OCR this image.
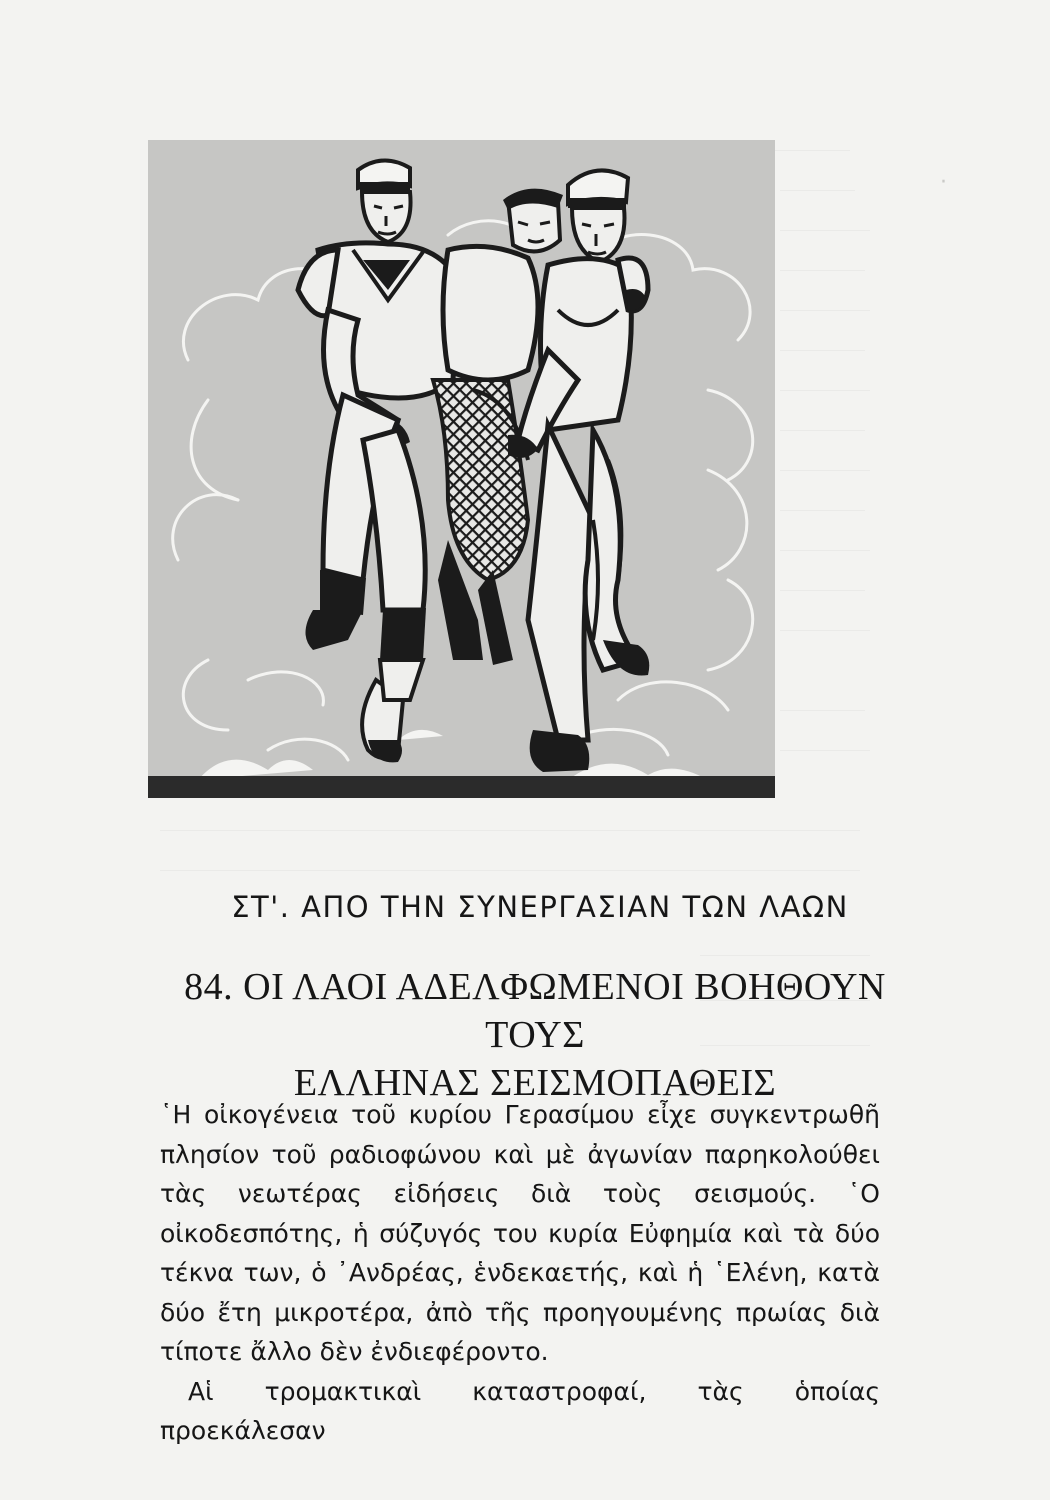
·
ΣΤ'. ΑΠΟ ΤΗΝ ΣΥΝΕΡΓΑΣΙΑΝ ΤΩΝ ΛΑΩΝ
84. ΟΙ ΛΑΟΙ ΑΔΕΛΦΩΜΕΝΟΙ ΒΟΗΘΟΥΝ ΤΟΥΣ
ΕΛΛΗΝΑΣ ΣΕΙΣΜΟΠΑΘΕΙΣ

῾Η οἰκογένεια τοῦ κυρίου Γερασίμου εἶχε συγκεντρωθῆ πλησίον τοῦ ραδιοφώνου καὶ μὲ ἀγωνίαν παρηκολούθει τὰς νεωτέρας εἰδήσεις διὰ τοὺς σεισμούς. ῾Ο οἰκοδεσπότης, ἡ σύζυγός του κυρία Εὐφημία καὶ τὰ δύο τέκνα των, ὁ ᾿Ανδρέας, ἑνδεκαετής, καὶ ἡ ῾Ελένη, κατὰ δύο ἔτη μικροτέρα, ἀπὸ τῆς προηγουμένης πρωίας διὰ τίποτε ἄλλο δὲν ἐνδιεφέροντο.

Αἱ τρομακτικαὶ καταστροφαί, τὰς ὁποίας προεκάλεσαν
